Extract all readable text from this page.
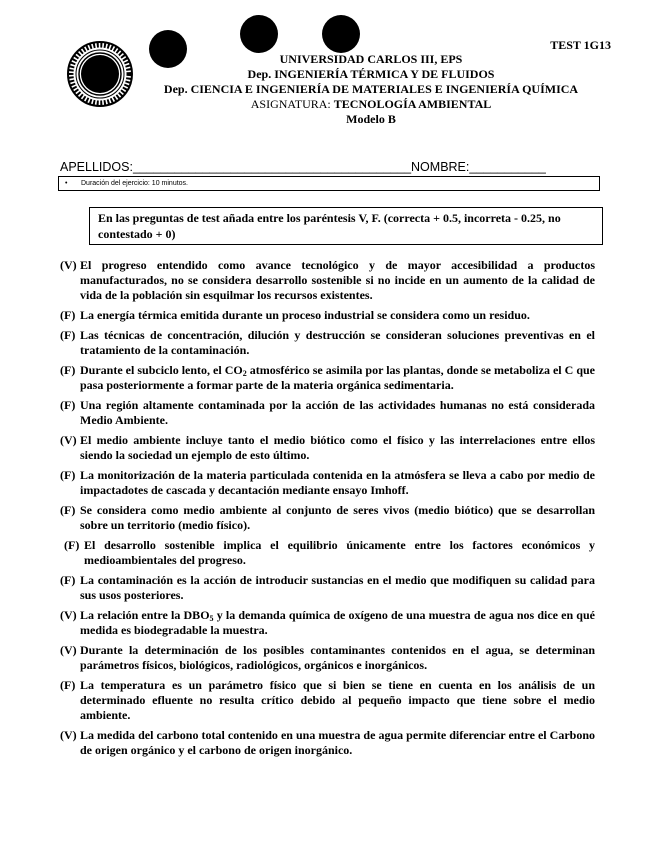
TEST 1G13
UNIVERSIDAD CARLOS III, EPS
Dep. INGENIERÍA TÉRMICA Y DE FLUIDOS
Dep. CIENCIA E INGENIERÍA DE MATERIALES E INGENIERÍA QUÍMICA
ASIGNATURA: TECNOLOGÍA AMBIENTAL
Modelo B
APELLIDOS:________________________________________NOMBRE:___________
• Duración del ejercicio: 10 minutos.
En las preguntas de test añada entre los paréntesis V, F. (correcta + 0.5, incorreta - 0.25, no contestado + 0)

(V) El progreso entendido como avance tecnológico y de mayor accesibilidad a productos manufacturados, no se considera desarrollo sostenible si no incide en un aumento de la calidad de vida de la población sin esquilmar los recursos existentes.

(F) La energía térmica emitida durante un proceso industrial se considera como un residuo.

(F) Las técnicas de concentración, dilución y destrucción se consideran soluciones preventivas en el tratamiento de la contaminación.

(F) Durante el subciclo lento, el $CO_2$ atmosférico se asimila por las plantas, donde se metaboliza el C que pasa posteriormente a formar parte de la materia orgánica sedimentaria.

(F) Una región altamente contaminada por la acción de las actividades humanas no está considerada Medio Ambiente.

(V) El medio ambiente incluye tanto el medio biótico como el físico y las interrelaciones entre ellos siendo la sociedad un ejemplo de esto último.

(F) La monitorización de la materia particulada contenida en la atmósfera se lleva a cabo por medio de impactadotes de cascada y decantación mediante ensayo Imhoff.

(F) Se considera como medio ambiente al conjunto de seres vivos (medio biótico) que se desarrollan sobre un territorio (medio físico).

(F) El desarrollo sostenible implica el equilibrio únicamente entre los factores económicos y medioambientales del progreso.

(F) La contaminación es la acción de introducir sustancias en el medio que modifiquen su calidad para sus usos posteriores.

(V) La relación entre la $DBO_5$ y la demanda química de oxígeno de una muestra de agua nos dice en qué medida es biodegradable la muestra.

(V) Durante la determinación de los posibles contaminantes contenidos en el agua, se determinan parámetros físicos, biológicos, radiológicos, orgánicos e inorgánicos.

(F) La temperatura es un parámetro físico que si bien se tiene en cuenta en los análisis de un determinado efluente no resulta crítico debido al pequeño impacto que tiene sobre el medio ambiente.

(V) La medida del carbono total contenido en una muestra de agua permite diferenciar entre el Carbono de origen orgánico y el carbono de origen inorgánico.
